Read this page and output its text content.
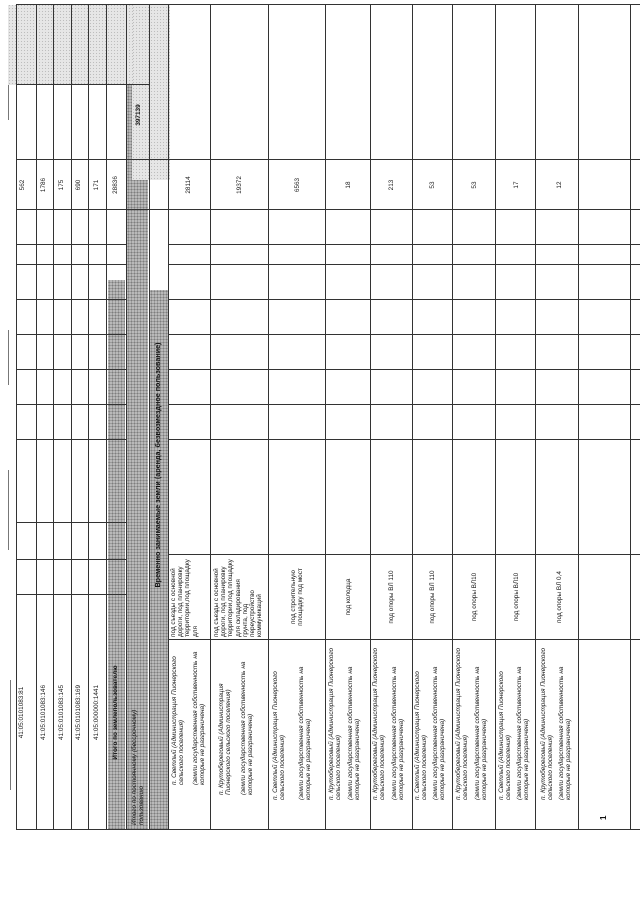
41:05:0101083:81 41:05:0101083:146 41:05:0101083:145 41:05:0101083:169 41:05:000000:1441 Итого по землепользователю Итого по постоянному (бессрочному) пользованию
562 1786 175 690 171 28836
397139
Временно занимаемые земли (аренда, безвозмездное пользование)
1
п. Светлый (Администрация Пионерского сельского поселения) (земли государственная собственность на которые не разграничена)
под съезды с основной дороги, под планировку территории,под площадку для
28114
п. Крутобереговый (Администрация Пионерского сельского поселения) (земли государственная собственность на которые не разграничена)
под съезды с основной дороги, под планировку территории,под площадку для складирования грунта, под переустройство коммуникаций
19372
п. Светлый (Администрация Пионерского сельского поселения) (земли государственная собственность на которые не разграничена)
под строительную площадку под мост
6563
п. Крутобереговый (Администрация Пионерского сельского поселения) (земли государственная собственность на которые не разграничена)
под колодца
18
п. Крутобереговый (Администрация Пионерского сельского поселения) (земли государственная собственность на которые не разграничена)
под опоры ВЛ 110
213
п. Светлый (Администрация Пионерского сельского поселения) (земли государственная собственность на которые не разграничена)
под опоры ВЛ 110
53
п. Крутобереговый (Администрация Пионерского сельского поселения) (земли государственная собственность на которые не разграничена)
под опоры ВЛ10
53
п. Светлый (Администрация Пионерского сельского поселения) (земли государственная собственность на которые не разграничена)
под опоры ВЛ10
17
п. Крутобереговый (Администрация Пионерского сельского поселения) (земли государственная собственность на которые не разграничена)
под опоры ВЛ 0,4
12
